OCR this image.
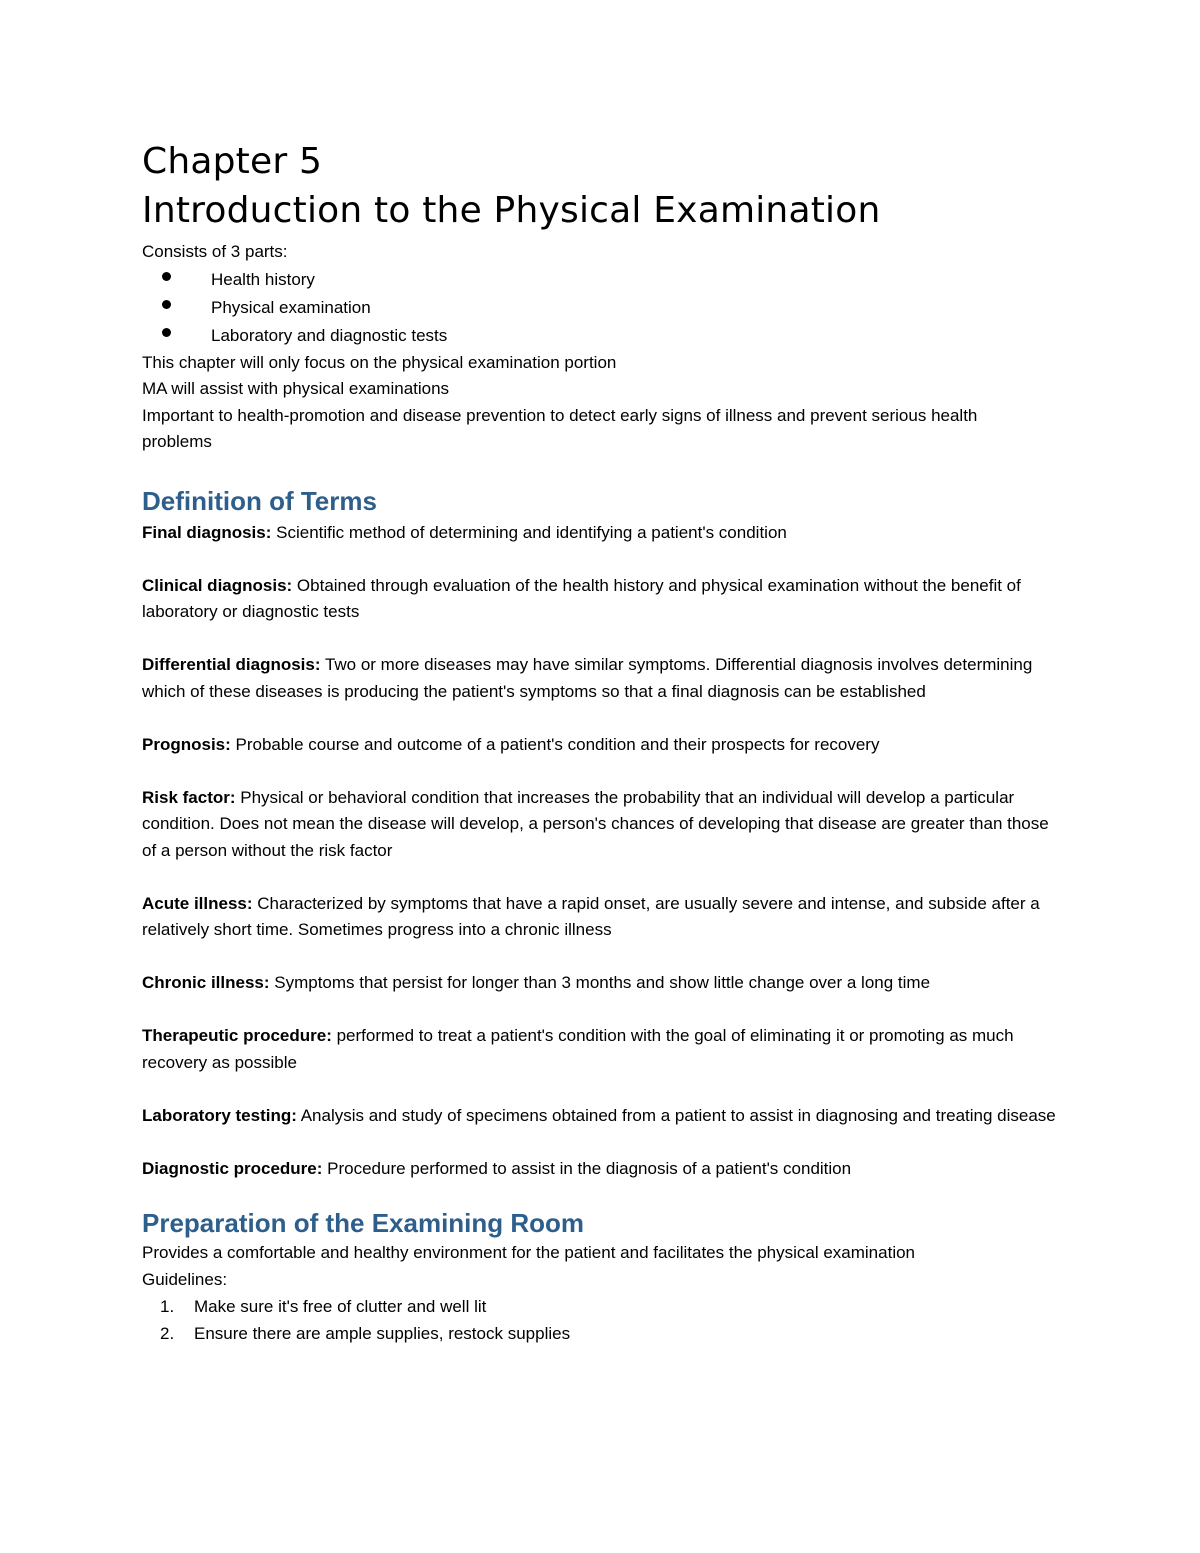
Chapter 5
Introduction to the Physical Examination

Consists of 3 parts:

Health history
Physical examination
Laboratory and diagnostic tests

This chapter will only focus on the physical examination portion

MA will assist with physical examinations

Important to health-promotion and disease prevention to detect early signs of illness and prevent serious health problems

Definition of Terms

Final diagnosis: Scientific method of determining and identifying a patient's condition

Clinical diagnosis: Obtained through evaluation of the health history and physical examination without the benefit of laboratory or diagnostic tests

Differential diagnosis: Two or more diseases may have similar symptoms. Differential diagnosis involves determining which of these diseases is producing the patient's symptoms so that a final diagnosis can be established

Prognosis: Probable course and outcome of a patient's condition and their prospects for recovery

Risk factor: Physical or behavioral condition that increases the probability that an individual will develop a particular condition. Does not mean the disease will develop, a person's chances of developing that disease are greater than those of a person without the risk factor

Acute illness: Characterized by symptoms that have a rapid onset, are usually severe and intense, and subside after a relatively short time. Sometimes progress into a chronic illness

Chronic illness: Symptoms that persist for longer than 3 months and show little change over a long time

Therapeutic procedure: performed to treat a patient's condition with the goal of eliminating it or promoting as much recovery as possible

Laboratory testing: Analysis and study of specimens obtained from a patient to assist in diagnosing and treating disease

Diagnostic procedure: Procedure performed to assist in the diagnosis of a patient's condition

Preparation of the Examining Room

Provides a comfortable and healthy environment for the patient and facilitates the physical examination

Guidelines:

1. Make sure it's free of clutter and well lit
2. Ensure there are ample supplies, restock supplies
